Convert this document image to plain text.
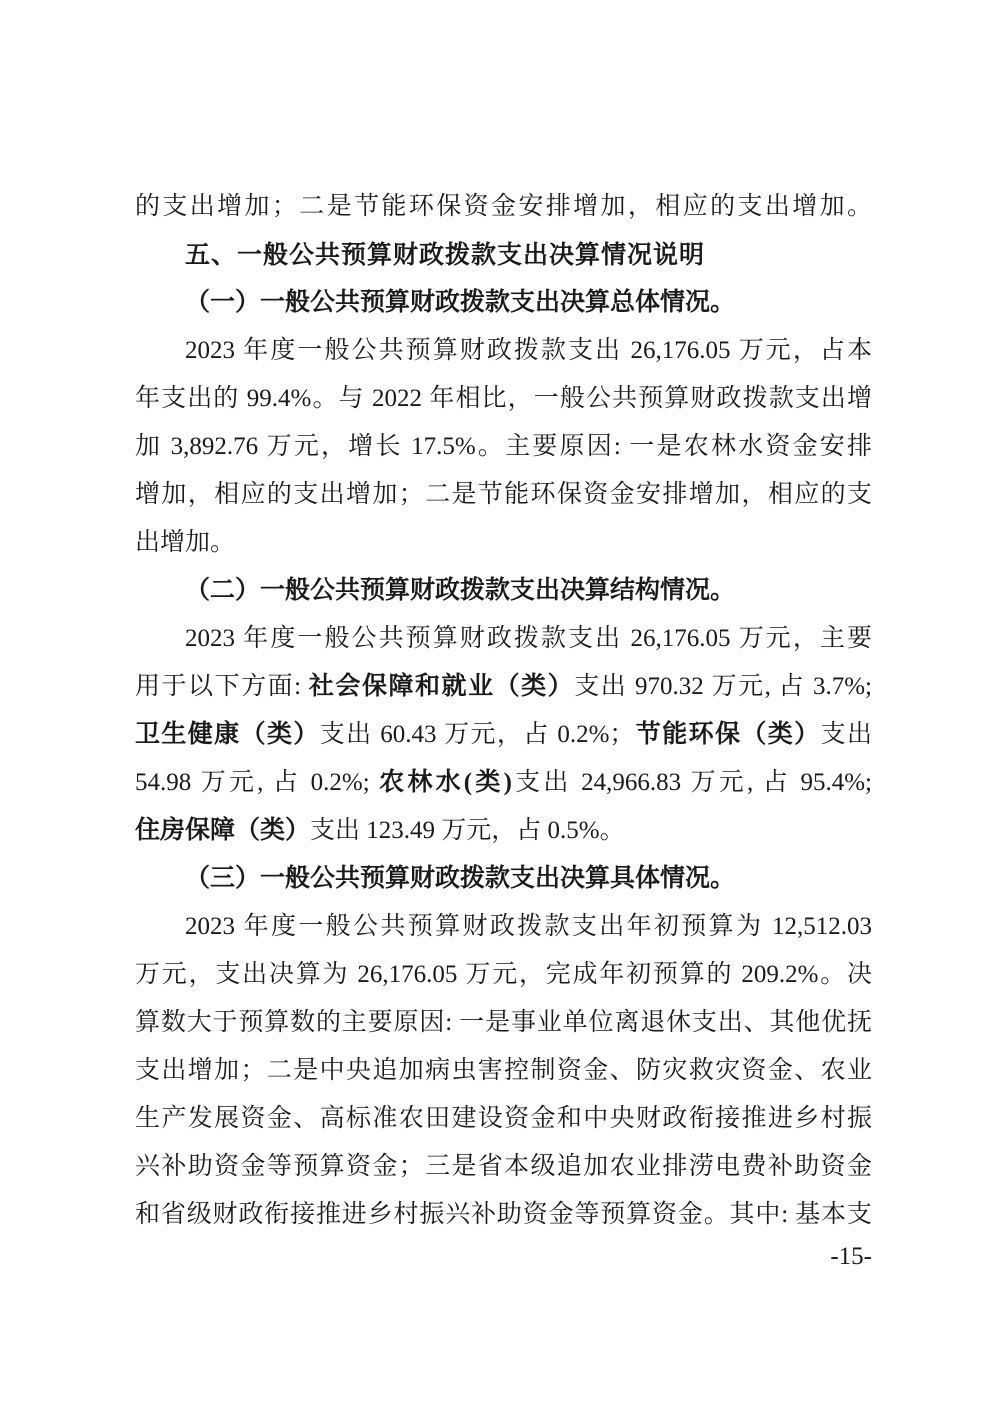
的支出增加；二是节能环保资金安排增加，相应的支出增加。
五、一般公共预算财政拨款支出决算情况说明
（一）一般公共预算财政拨款支出决算总体情况。
2023 年度一般公共预算财政拨款支出 26,176.05 万元，占本
年支出的 99.4%。与 2022 年相比，一般公共预算财政拨款支出增
加 3,892.76 万元，增长 17.5%。主要原因: 一是农林水资金安排
增加，相应的支出增加；二是节能环保资金安排增加，相应的支
出增加。
（二）一般公共预算财政拨款支出决算结构情况。
2023 年度一般公共预算财政拨款支出 26,176.05 万元，主要
用于以下方面: 社会保障和就业（类）支出 970.32 万元, 占 3.7%;
卫生健康（类）支出 60.43 万元，占 0.2%；节能环保（类）支出
54.98 万元, 占 0.2%; 农林水(类)支出 24,966.83 万元, 占 95.4%;
住房保障（类）支出 123.49 万元，占 0.5%。
（三）一般公共预算财政拨款支出决算具体情况。
2023 年度一般公共预算财政拨款支出年初预算为 12,512.03
万元，支出决算为 26,176.05 万元，完成年初预算的 209.2%。决
算数大于预算数的主要原因: 一是事业单位离退休支出、其他优抚
支出增加；二是中央追加病虫害控制资金、防灾救灾资金、农业
生产发展资金、高标准农田建设资金和中央财政衔接推进乡村振
兴补助资金等预算资金；三是省本级追加农业排涝电费补助资金
和省级财政衔接推进乡村振兴补助资金等预算资金。其中: 基本支
-15-
